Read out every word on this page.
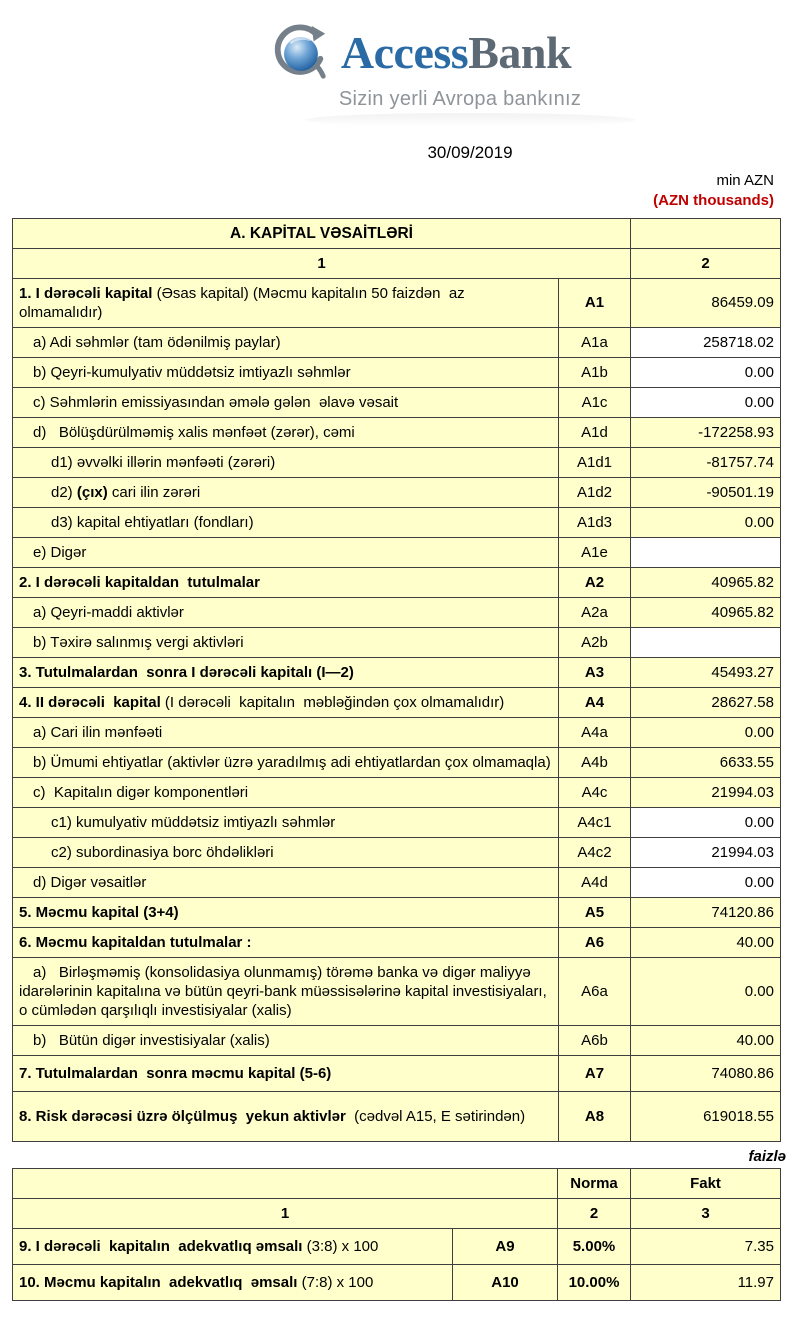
AccessBank
Sizin yerli Avropa bankınız
30/09/2019
min AZN
(AZN thousands)
A. KAPİTAL VƏSAİTLƏRİ		
1		2
1. I dərəcəli kapital (Əsas kapital) (Məcmu kapitalın 50 faizdən  az olmamalıdır)	A1	86459.09
a) Adi səhmlər (tam ödənilmiş paylar)	A1a	258718.02
b) Qeyri-kumulyativ müddətsiz imtiyazlı səhmlər	A1b	0.00
c) Səhmlərin emissiyasından əmələ gələn  əlavə vəsait	A1c	0.00
d)   Bölüşdürülməmiş xalis mənfəət (zərər), cəmi	A1d	-172258.93
d1) əvvəlki illərin mənfəəti (zərəri)	A1d1	-81757.74
d2) (çıx) cari ilin zərəri	A1d2	-90501.19
d3) kapital ehtiyatları (fondları)	A1d3	0.00
e) Digər	A1e	
2. I dərəcəli kapitaldan  tutulmalar	A2	40965.82
a) Qeyri-maddi aktivlər	A2a	40965.82
b) Təxirə salınmış vergi aktivləri	A2b	
3. Tutulmalardan  sonra I dərəcəli kapitalı (I—2)	A3	45493.27
4. II dərəcəli  kapital (I dərəcəli  kapitalın  məbləğindən çox olmamalıdır)	A4	28627.58
a) Cari ilin mənfəəti	A4a	0.00
b) Ümumi ehtiyatlar (aktivlər üzrə yaradılmış adi ehtiyatlardan çox olmamaqla)	A4b	6633.55
c)  Kapitalın digər komponentləri	A4c	21994.03
c1) kumulyativ müddətsiz imtiyazlı səhmlər	A4c1	0.00
c2) subordinasiya borc öhdəlikləri	A4c2	21994.03
d) Digər vəsaitlər	A4d	0.00
5. Məcmu kapital (3+4)	A5	74120.86
6. Məcmu kapitaldan tutulmalar :	A6	40.00
a)   Birləşməmiş (konsolidasiya olunmamış) törəmə banka və digər maliyyə idarələrinin kapitalına və bütün qeyri-bank müəssisələrinə kapital investisiyaları, o cümlədən qarşılıqlı investisiyalar (xalis)	A6a	0.00
b)   Bütün digər investisiyalar (xalis)	A6b	40.00
7. Tutulmalardan  sonra məcmu kapital (5-6)	A7	74080.86
8. Risk dərəcəsi üzrə ölçülmuş  yekun aktivlər  (cədvəl A15, E sətirindən)	A8	619018.55
faizlə
		Norma	Fakt
1		2	3
9. I dərəcəli  kapitalın  adekvatlıq əmsalı (3:8) x 100	A9	5.00%	7.35
10. Məcmu kapitalın  adekvatlıq  əmsalı (7:8) x 100	A10	10.00%	11.97
